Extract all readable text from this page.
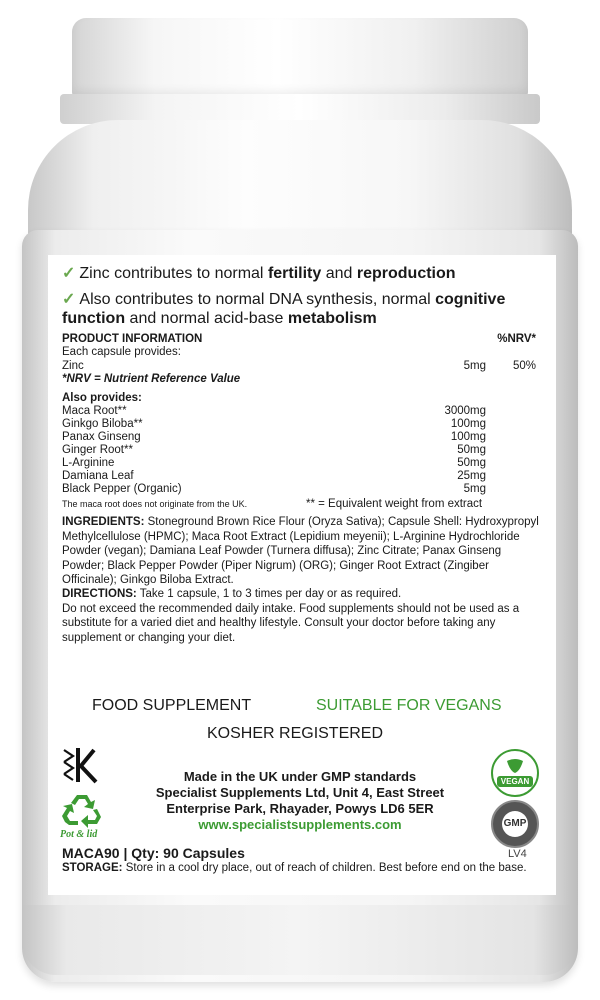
✓ Zinc contributes to normal fertility and reproduction
✓ Also contributes to normal DNA synthesis, normal cognitive function and normal acid-base metabolism
PRODUCT INFORMATION	%NRV*
Each capsule provides:
Zinc	5mg 50%
*NRV = Nutrient Reference Value
Also provides:
Maca Root**	3000mg
Ginkgo Biloba**	100mg
Panax Ginseng	100mg
Ginger Root**	50mg
L-Arginine	50mg
Damiana Leaf	25mg
Black Pepper (Organic)	5mg
The maca root does not originate from the UK.	** = Equivalent weight from extract
INGREDIENTS: Stoneground Brown Rice Flour (Oryza Sativa); Capsule Shell: Hydroxypropyl Methylcellulose (HPMC); Maca Root Extract (Lepidium meyenii); L-Arginine Hydrochloride Powder (vegan); Damiana Leaf Powder (Turnera diffusa); Zinc Citrate; Panax Ginseng Powder; Black Pepper Powder (Piper Nigrum) (ORG); Ginger Root Extract (Zingiber Officinale); Ginkgo Biloba Extract.
DIRECTIONS: Take 1 capsule, 1 to 3 times per day or as required.
Do not exceed the recommended daily intake. Food supplements should not be used as a substitute for a varied diet and healthy lifestyle. Consult your doctor before taking any supplement or changing your diet.
FOOD SUPPLEMENT	SUITABLE FOR VEGANS
KOSHER REGISTERED
Pot & lid
Made in the UK under GMP standards
Specialist Supplements Ltd, Unit 4, East Street
Enterprise Park, Rhayader, Powys LD6 5ER
www.specialistsupplements.com
VEGAN
GMP
MACA90 | Qty: 90 Capsules	LV4
STORAGE: Store in a cool dry place, out of reach of children. Best before end on the base.
